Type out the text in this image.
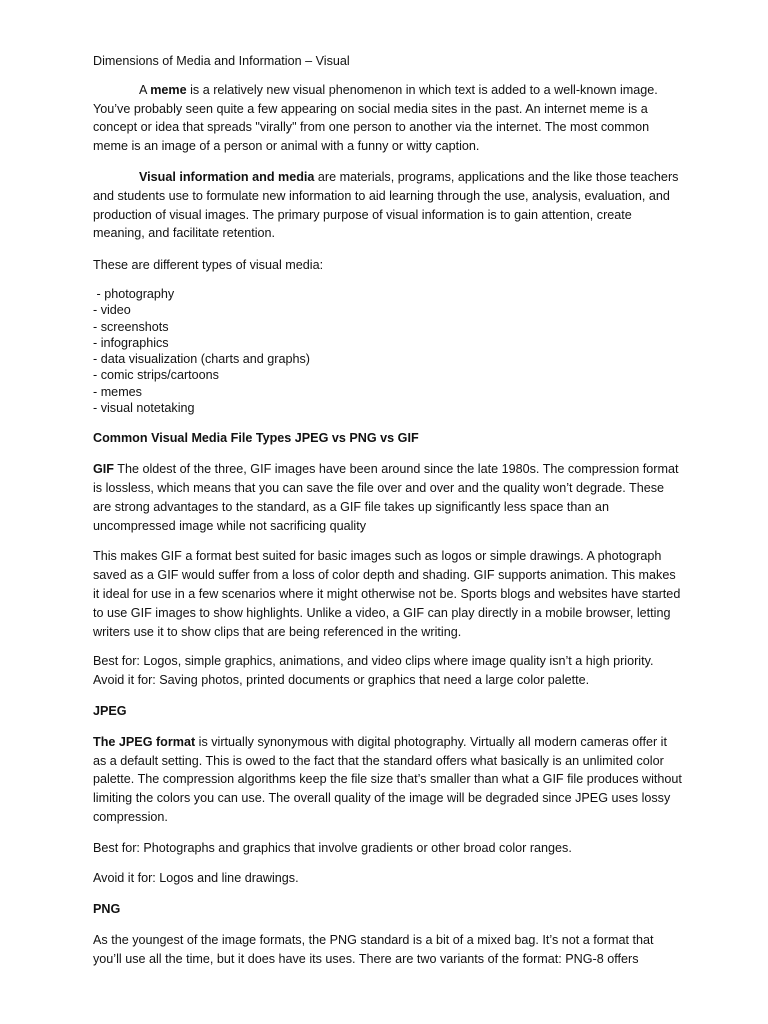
Dimensions of Media and Information – Visual

A meme is a relatively new visual phenomenon in which text is added to a well-known image. You’ve probably seen quite a few appearing on social media sites in the past. An internet meme is a concept or idea that spreads "virally" from one person to another via the internet. The most common meme is an image of a person or animal with a funny or witty caption.

Visual information and media are materials, programs, applications and the like those teachers and students use to formulate new information to aid learning through the use, analysis, evaluation, and production of visual images. The primary purpose of visual information is to gain attention, create meaning, and facilitate retention.

These are different types of visual media:

- photography
- video
- screenshots
- infographics
- data visualization (charts and graphs)
- comic strips/cartoons
- memes
- visual notetaking

Common Visual Media File Types JPEG vs PNG vs GIF

GIF The oldest of the three, GIF images have been around since the late 1980s. The compression format is lossless, which means that you can save the file over and over and the quality won’t degrade. These are strong advantages to the standard, as a GIF file takes up significantly less space than an uncompressed image while not sacrificing quality

This makes GIF a format best suited for basic images such as logos or simple drawings. A photograph saved as a GIF would suffer from a loss of color depth and shading. GIF supports animation. This makes it ideal for use in a few scenarios where it might otherwise not be. Sports blogs and websites have started to use GIF images to show highlights. Unlike a video, a GIF can play directly in a mobile browser, letting writers use it to show clips that are being referenced in the writing.

Best for: Logos, simple graphics, animations, and video clips where image quality isn’t a high priority.

Avoid it for: Saving photos, printed documents or graphics that need a large color palette.

JPEG

The JPEG format is virtually synonymous with digital photography. Virtually all modern cameras offer it as a default setting. This is owed to the fact that the standard offers what basically is an unlimited color palette. The compression algorithms keep the file size that’s smaller than what a GIF file produces without limiting the colors you can use. The overall quality of the image will be degraded since JPEG uses lossy compression.

Best for: Photographs and graphics that involve gradients or other broad color ranges.

Avoid it for: Logos and line drawings.

PNG

As the youngest of the image formats, the PNG standard is a bit of a mixed bag. It’s not a format that you’ll use all the time, but it does have its uses. There are two variants of the format: PNG-8 offers
